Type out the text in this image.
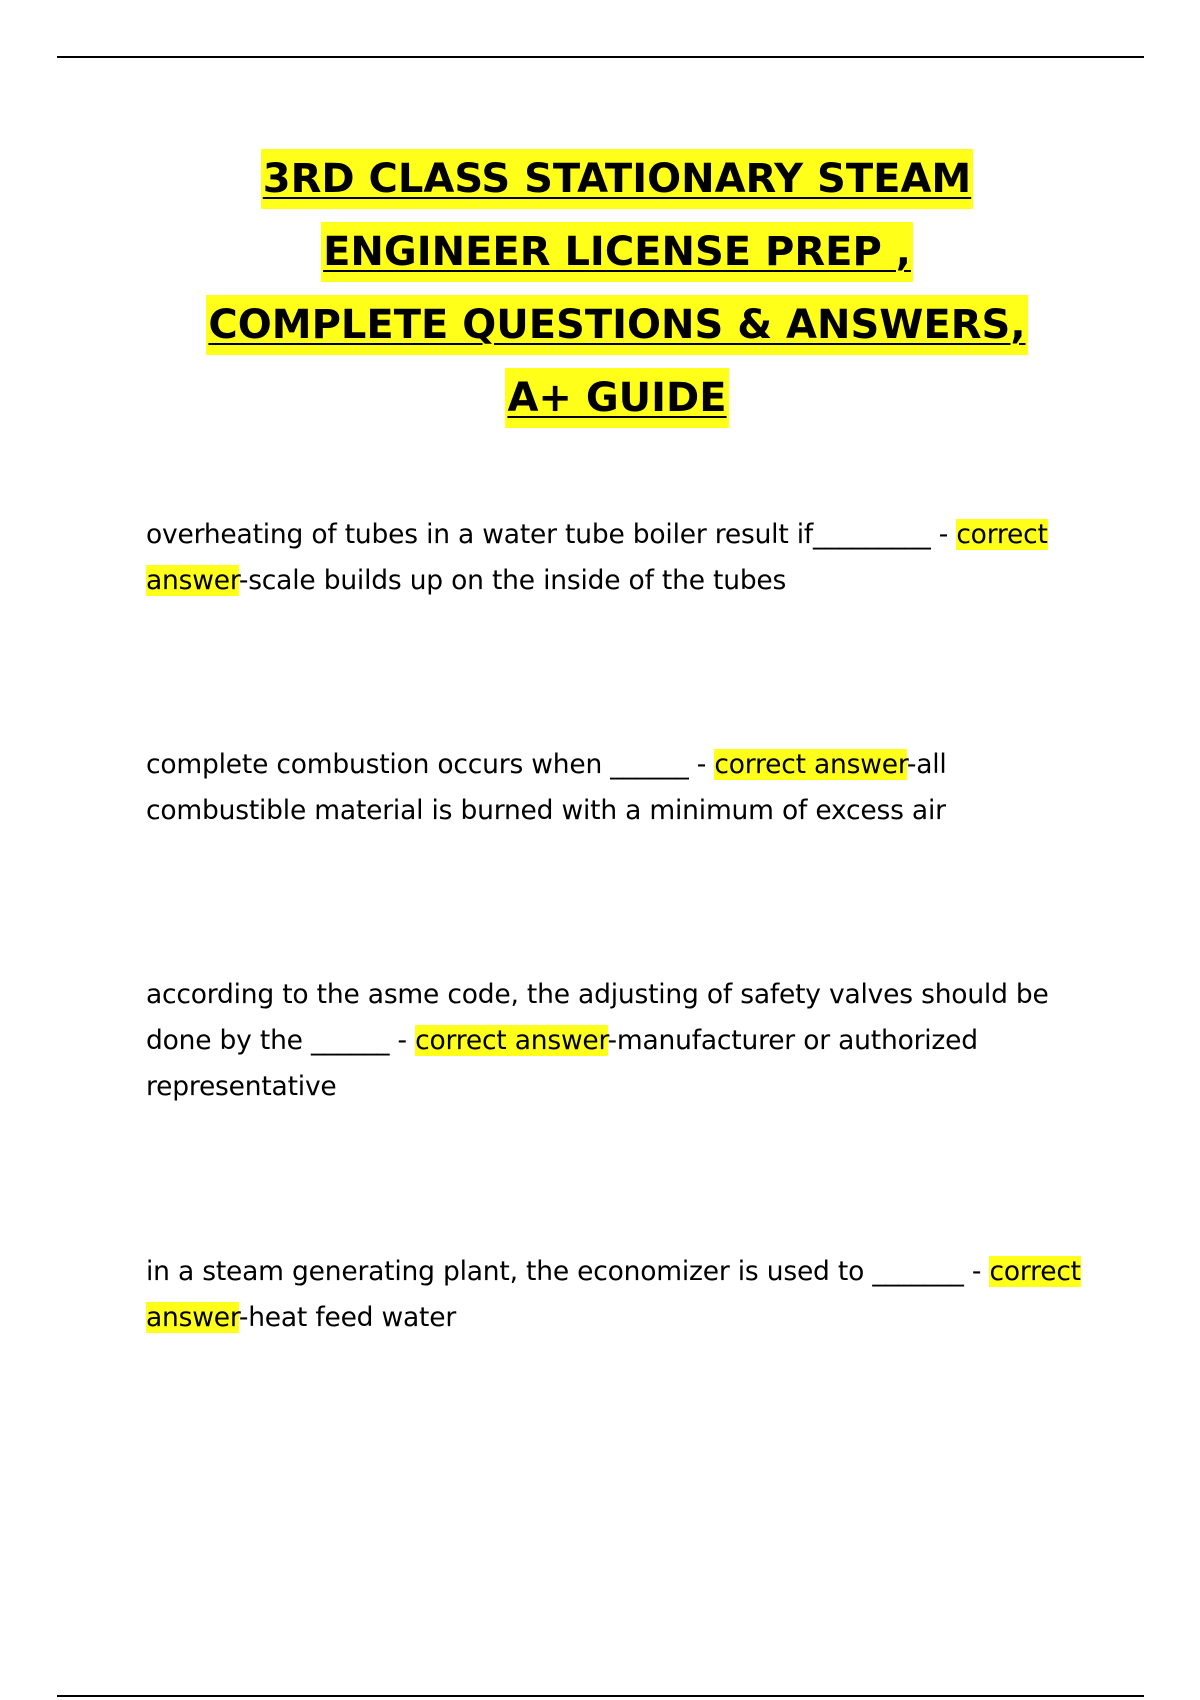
3RD CLASS STATIONARY STEAM
ENGINEER LICENSE PREP ,
COMPLETE QUESTIONS & ANSWERS,
A+ GUIDE

overheating of tubes in a water tube boiler result if_________ - correct answer-scale builds up on the inside of the tubes

complete combustion occurs when ______ - correct answer-all combustible material is burned with a minimum of excess air

according to the asme code, the adjusting of safety valves should be done by the ______ - correct answer-manufacturer or authorized representative

in a steam generating plant, the economizer is used to _______ - correct answer-heat feed water
